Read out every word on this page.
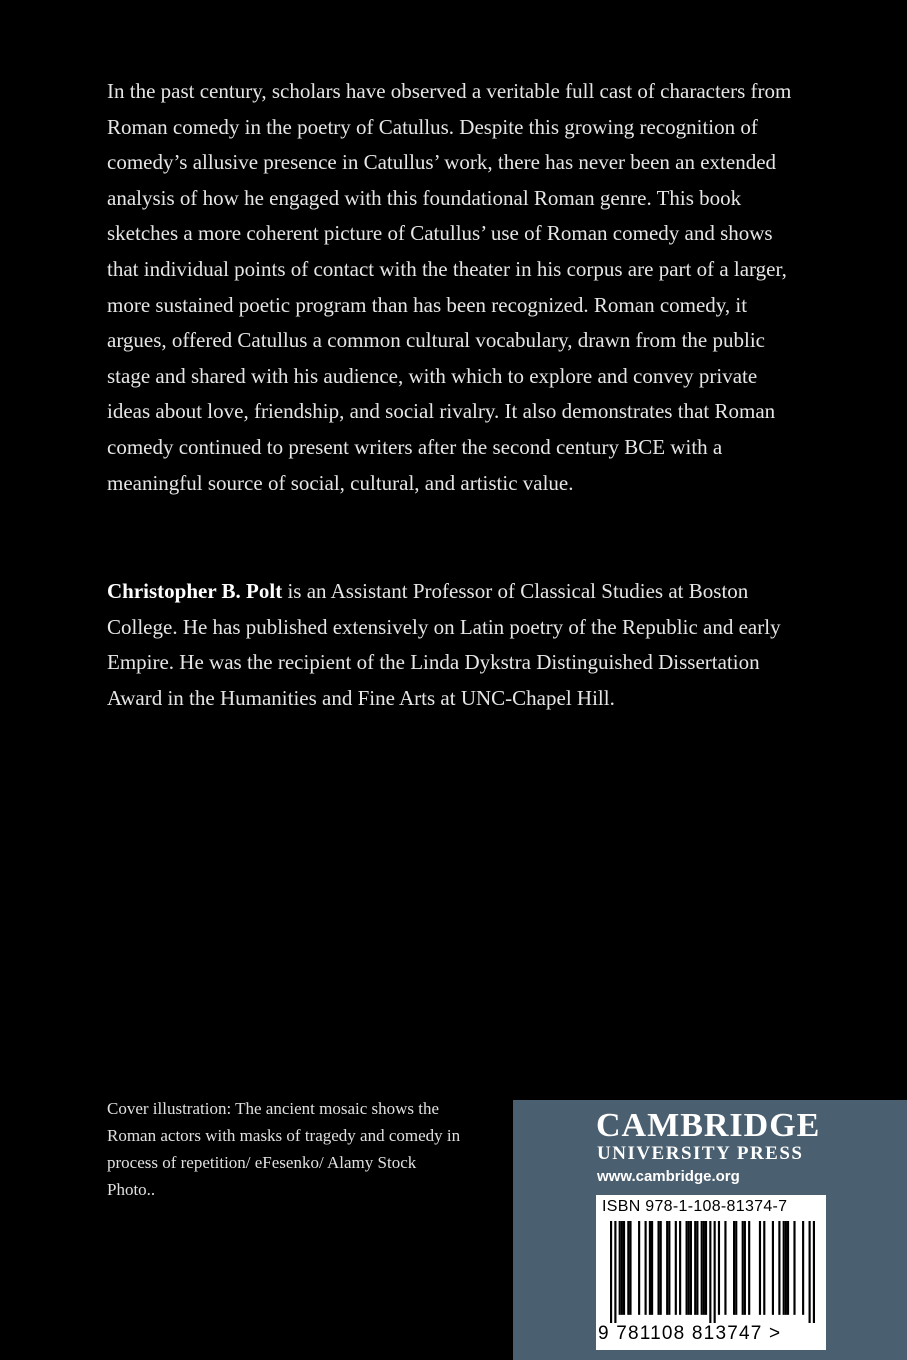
In the past century, scholars have observed a veritable full cast of characters from Roman comedy in the poetry of Catullus. Despite this growing recognition of comedy’s allusive presence in Catullus’ work, there has never been an extended analysis of how he engaged with this foundational Roman genre. This book sketches a more coherent picture of Catullus’ use of Roman comedy and shows that individual points of contact with the theater in his corpus are part of a larger, more sustained poetic program than has been recognized. Roman comedy, it argues, offered Catullus a common cultural vocabulary, drawn from the public stage and shared with his audience, with which to explore and convey private ideas about love, friendship, and social rivalry. It also demonstrates that Roman comedy continued to present writers after the second century BCE with a meaningful source of social, cultural, and artistic value.

Christopher B. Polt is an Assistant Professor of Classical Studies at Boston College. He has published extensively on Latin poetry of the Republic and early Empire. He was the recipient of the Linda Dykstra Distinguished Dissertation Award in the Humanities and Fine Arts at UNC-Chapel Hill.

Cover illustration: The ancient mosaic shows the Roman actors with masks of tragedy and comedy in process of repetition/ eFesenko/ Alamy Stock Photo..

CAMBRIDGE
UNIVERSITY PRESS
www.cambridge.org
ISBN 978-1-108-81374-7
9 781108 813747 >
